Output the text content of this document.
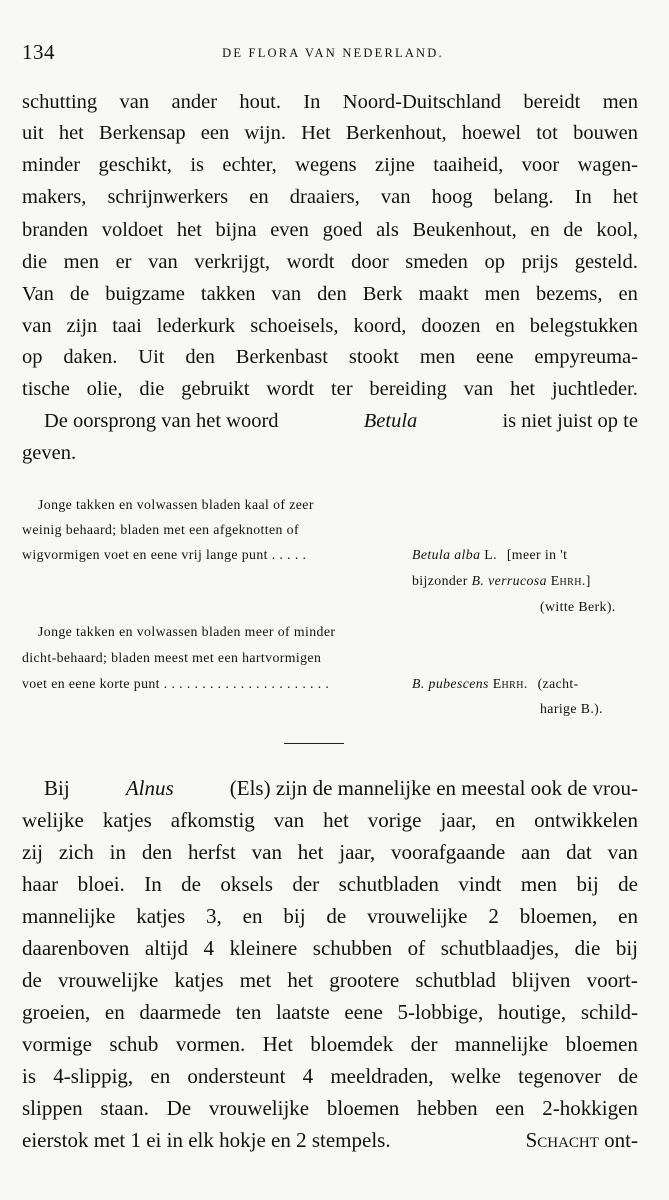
134	DE FLORA VAN NEDERLAND.
schutting van ander hout. In Noord-Duitschland bereidt men
uit het Berkensap een wijn. Het Berkenhout, hoewel tot bouwen
minder geschikt, is echter, wegens zijne taaiheid, voor wagen-
makers, schrijnwerkers en draaiers, van hoog belang. In het
branden voldoet het bijna even goed als Beukenhout, en de kool,
die men er van verkrijgt, wordt door smeden op prijs gesteld.
Van de buigzame takken van den Berk maakt men bezems, en
van zijn taai lederkurk schoeisels, koord, doozen en belegstukken
op daken. Uit den Berkenbast stookt men eene empyreuma-
tische olie, die gebruikt wordt ter bereiding van het juchtleder.
De oorsprong van het woord	Betula	is niet juist op te
geven.
Jonge takken en volwassen bladen kaal of zeer
weinig behaard; bladen met een afgeknotten of
wigvormigen voet en eene vrij lange punt . . . . .	Betula alba L. [meer in 't
bijzonder B. verrucosa Ehrh.]
(witte Berk).
Jonge takken en volwassen bladen meer of minder
dicht-behaard; bladen meest met een hartvormigen
voet en eene korte punt . . . . . . . . . . . . . . . . . . . . . .	B. pubescens Ehrh. (zacht-
harige B.).
Bij	Alnus	(Els) zijn de mannelijke en meestal ook de vrou-
welijke katjes afkomstig van het vorige jaar, en ontwikkelen
zij zich in den herfst van het jaar, voorafgaande aan dat van
haar bloei. In de oksels der schutbladen vindt men bij de
mannelijke katjes 3, en bij de vrouwelijke 2 bloemen, en
daarenboven altijd 4 kleinere schubben of schutblaadjes, die bij
de vrouwelijke katjes met het grootere schutblad blijven voort-
groeien, en daarmede ten laatste eene 5-lobbige, houtige, schild-
vormige schub vormen. Het bloemdek der mannelijke bloemen
is 4-slippig, en ondersteunt 4 meeldraden, welke tegenover de
slippen staan. De vrouwelijke bloemen hebben een 2-hokkigen
eierstok met 1 ei in elk hokje en 2 stempels.	Schacht ont-
